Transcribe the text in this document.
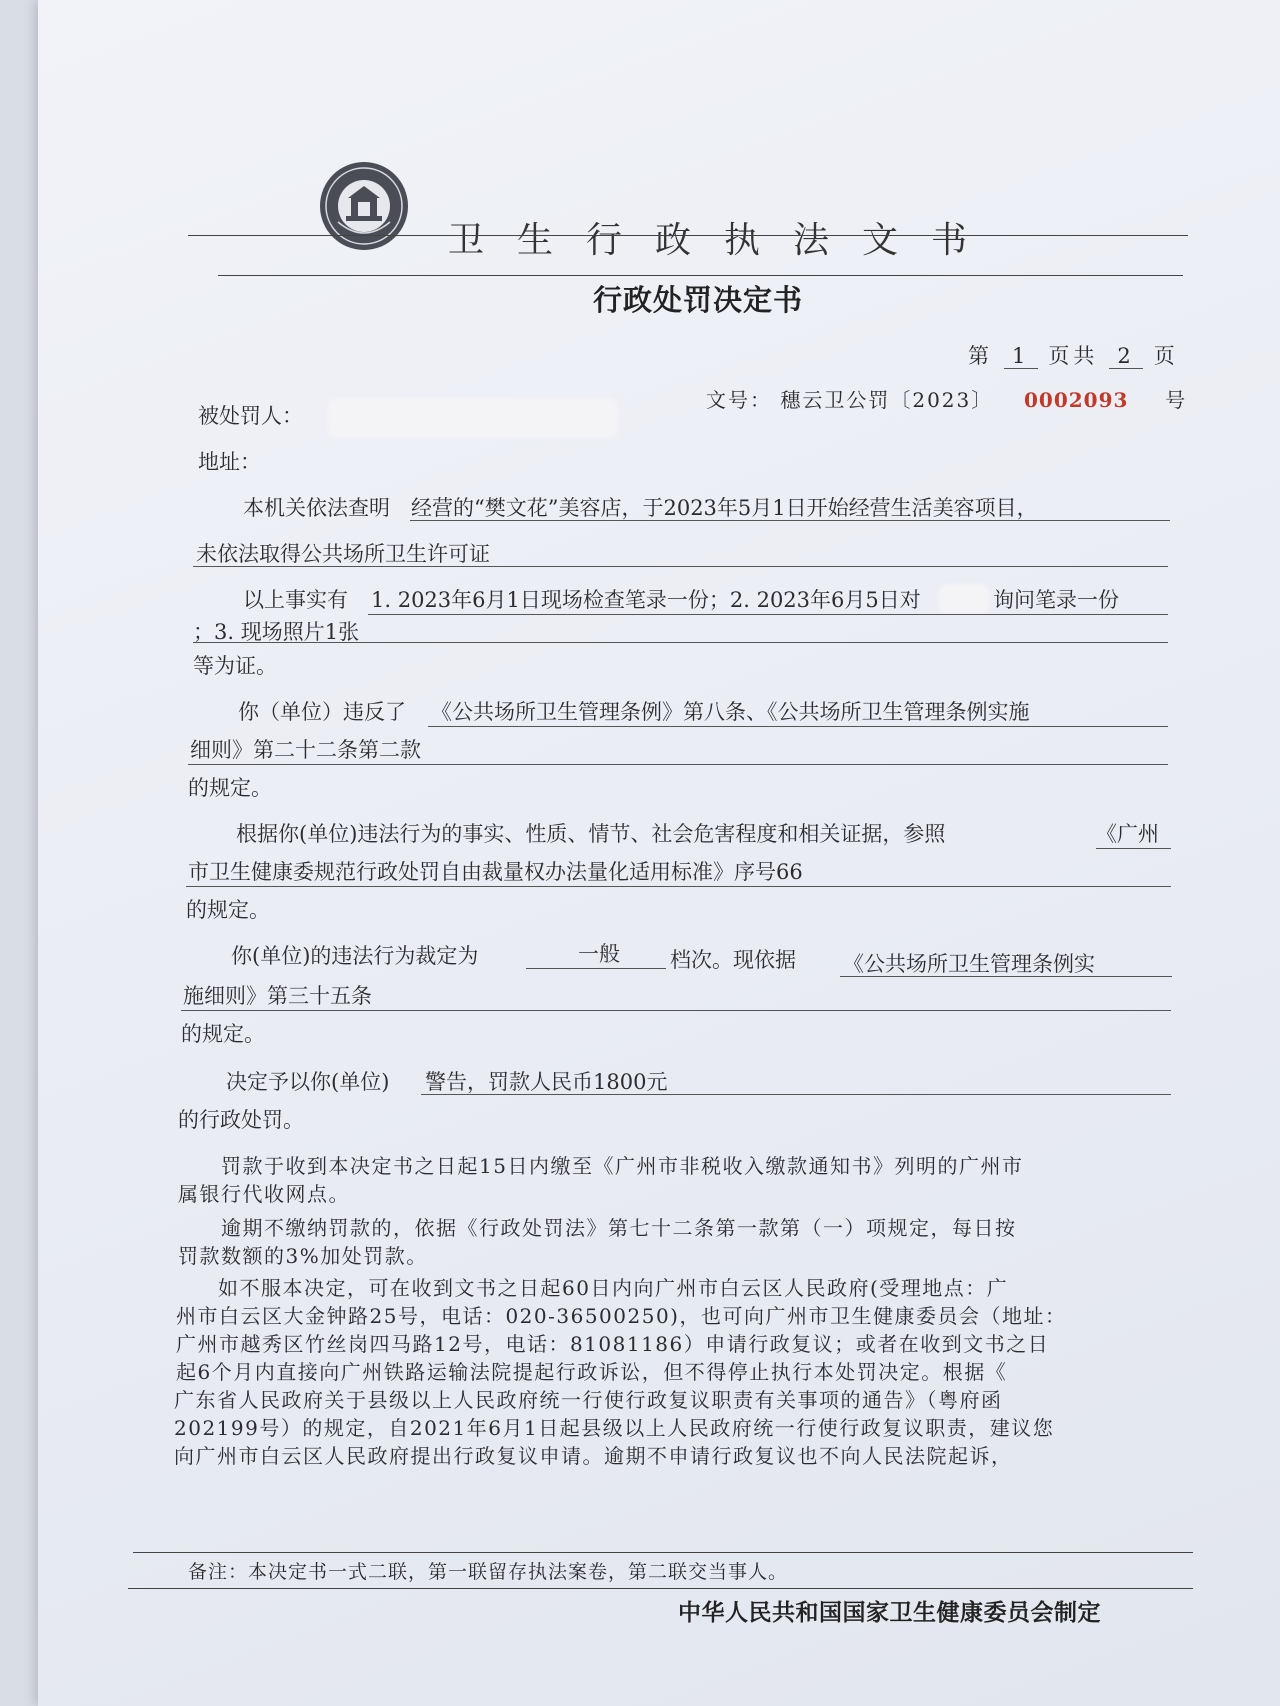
卫生行政执法文书
行政处罚决定书
第 1 页共 2 页
文号： 穗云卫公罚〔2023〕 0002093 号
被处罚人：
地址：
本机关依法查明 经营的“樊文花”美容店，于2023年5月1日开始经营生活美容项目，
未依法取得公共场所卫生许可证
以上事实有 1. 2023年6月1日现场检查笔录一份；2. 2023年6月5日对	询问笔录一份
；3. 现场照片1张
等为证。
你（单位）违反了 《公共场所卫生管理条例》第八条、《公共场所卫生管理条例实施
细则》第二十二条第二款
的规定。
根据你(单位)违法行为的事实、性质、情节、社会危害程度和相关证据，参照	《广州
市卫生健康委规范行政处罚自由裁量权办法量化适用标准》序号66
的规定。
你(单位)的违法行为裁定为	一般 档次。现依据 《公共场所卫生管理条例实
施细则》第三十五条
的规定。
决定予以你(单位) 警告，罚款人民币1800元
的行政处罚。
罚款于收到本决定书之日起15日内缴至《广州市非税收入缴款通知书》列明的广州市
属银行代收网点。
逾期不缴纳罚款的，依据《行政处罚法》第七十二条第一款第（一）项规定，每日按
罚款数额的3%加处罚款。
如不服本决定，可在收到文书之日起60日内向广州市白云区人民政府(受理地点：广
州市白云区大金钟路25号，电话：020-36500250)，也可向广州市卫生健康委员会（地址：
广州市越秀区竹丝岗四马路12号，电话：81081186）申请行政复议；或者在收到文书之日
起6个月内直接向广州铁路运输法院提起行政诉讼，但不得停止执行本处罚决定。根据《
广东省人民政府关于县级以上人民政府统一行使行政复议职责有关事项的通告》（粤府函
202199号）的规定，自2021年6月1日起县级以上人民政府统一行使行政复议职责，建议您
向广州市白云区人民政府提出行政复议申请。逾期不申请行政复议也不向人民法院起诉，
备注：本决定书一式二联，第一联留存执法案卷，第二联交当事人。
中华人民共和国国家卫生健康委员会制定
